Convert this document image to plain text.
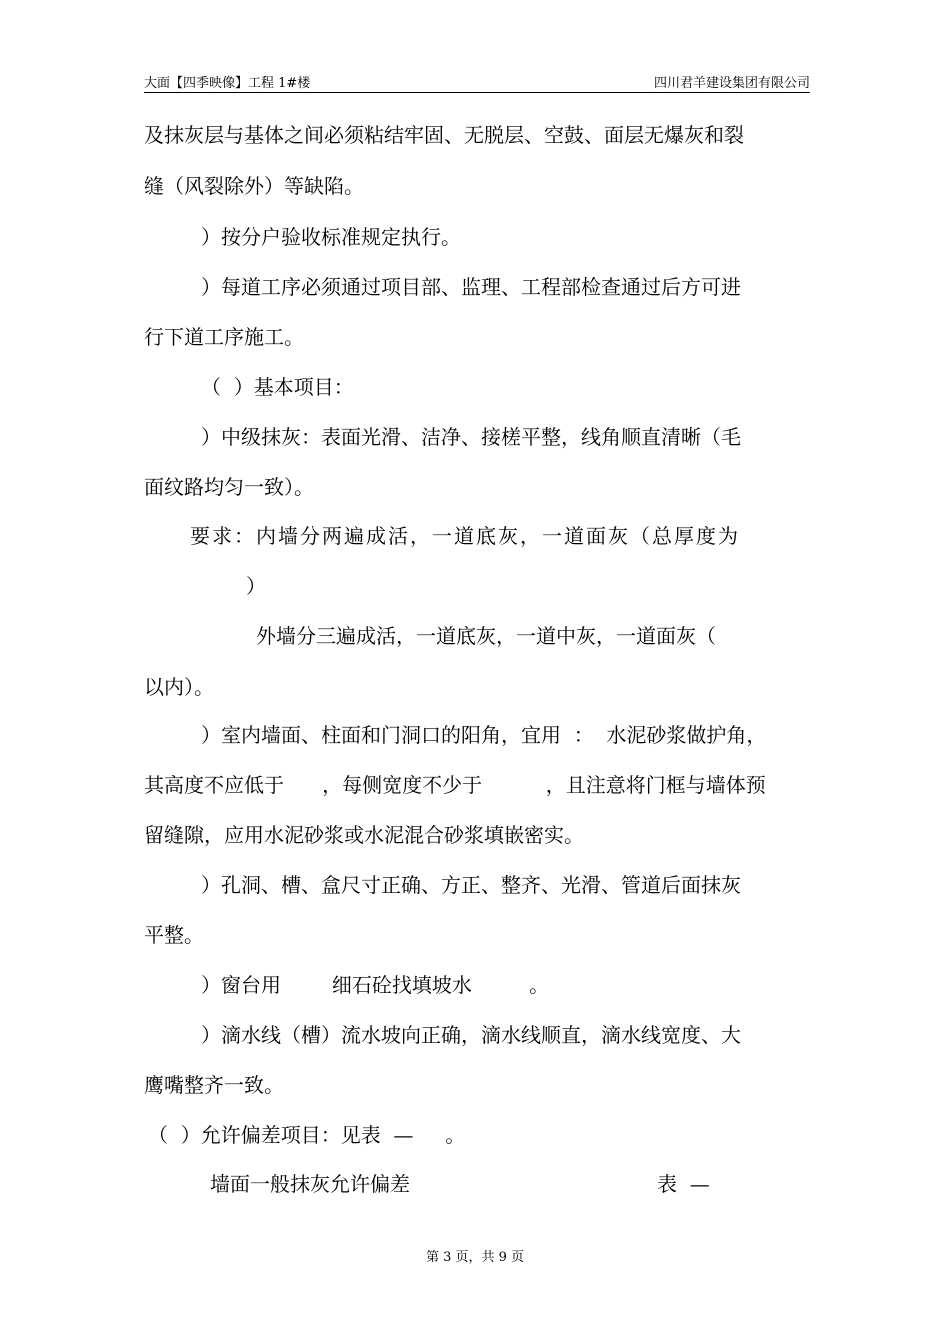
大面【四季映像】工程 1#楼	四川君羊建设集团有限公司
及抹灰层与基体之间必须粘结牢固、无脱层、空鼓、面层无爆灰和裂
缝（风裂除外）等缺陷。
）按分户验收标准规定执行。
）每道工序必须通过项目部、监理、工程部检查通过后方可进
行下道工序施工。
（  ）基本项目：
）中级抹灰：表面光滑、洁净、接槎平整，线角顺直清晰（毛
面纹路均匀一致）。
要求：内墙分两遍成活，一道底灰，一道面灰（总厚度为
）
外墙分三遍成活，一道底灰，一道中灰，一道面灰（
以内）。
）室内墙面、柱面和门洞口的阳角，宜用  ：  水泥砂浆做护角，
其高度不应低于      ，每侧宽度不少于          ，且注意将门框与墙体预
留缝隙，应用水泥砂浆或水泥混合砂浆填嵌密实。
）孔洞、槽、盒尺寸正确、方正、整齐、光滑、管道后面抹灰
平整。
）窗台用        细石砼找填坡水         。
）滴水线（槽）流水坡向正确，滴水线顺直，滴水线宽度、大
鹰嘴整齐一致。
（  ）允许偏差项目：见表  —     。
墙面一般抹灰允许偏差	表  —
第 3 页，共 9 页
